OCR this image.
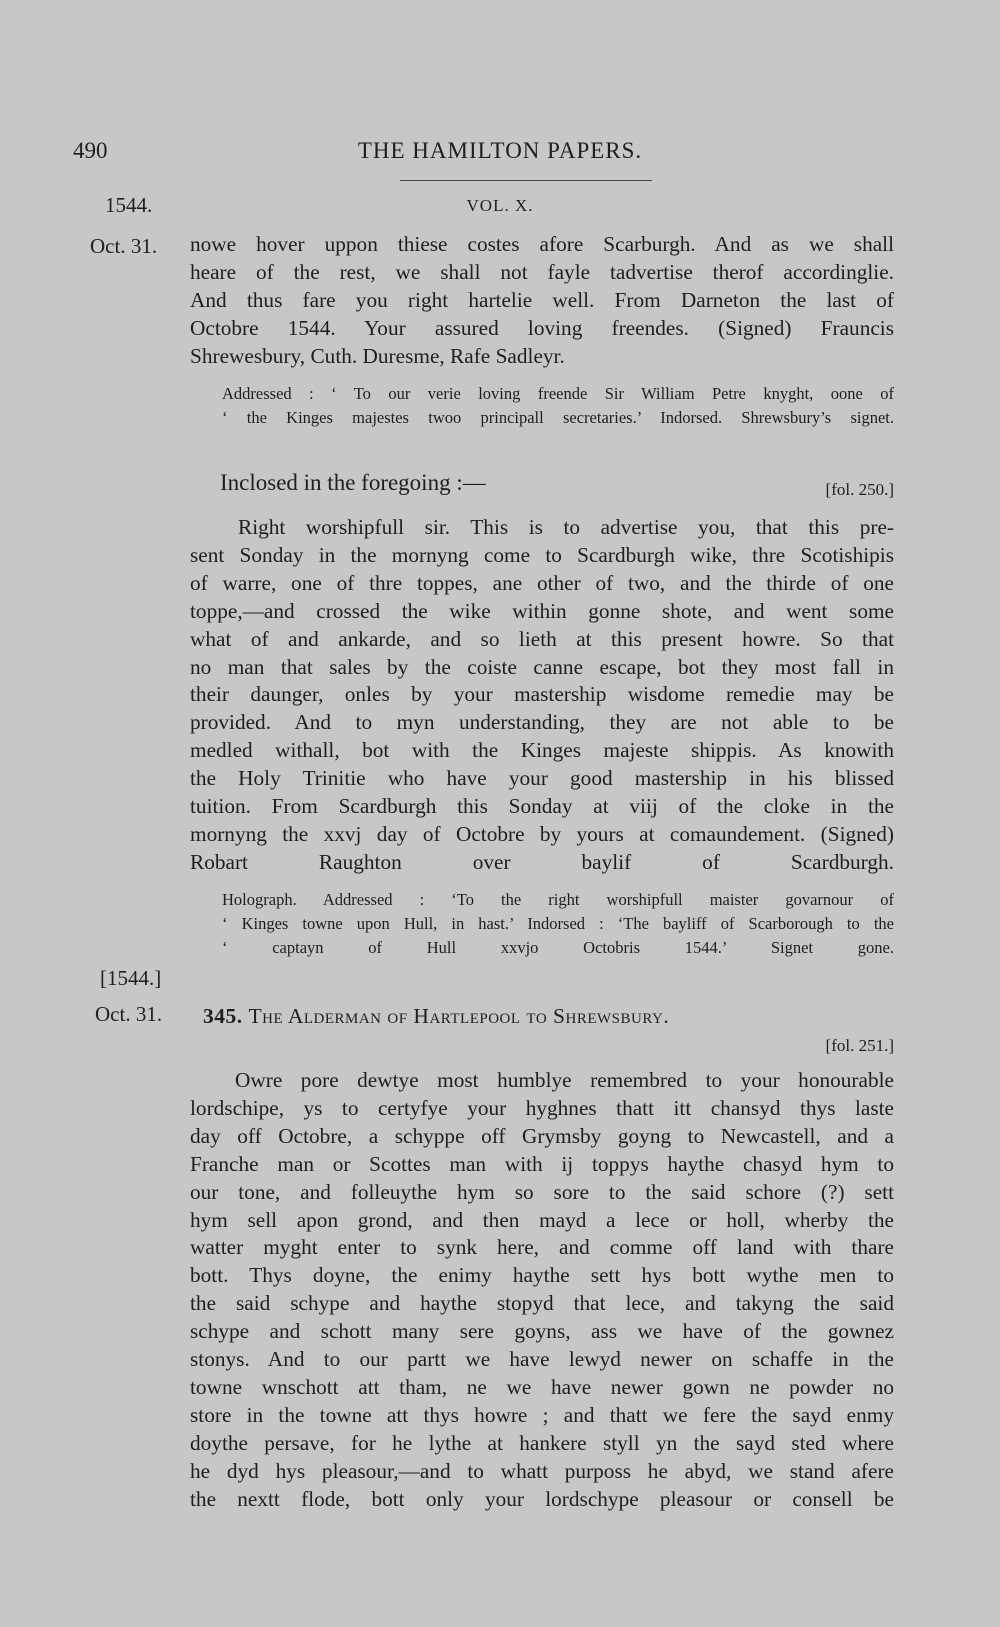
490	THE HAMILTON PAPERS.
1544.	VOL. X.
Oct. 31. nowe hover uppon thiese costes afore Scarburgh. And as we shall
heare of the rest, we shall not fayle tadvertise therof accordinglie.
And thus fare you right hartelie well. From Darneton the last of
Octobre 1544. Your assured loving freendes. (Signed) Frauncis
Shrewesbury, Cuth. Duresme, Rafe Sadleyr.
Addressed : ‘ To our verie loving freende Sir William Petre knyght, oone of
‘ the Kinges majestes twoo principall secretaries.’ Indorsed. Shrewsbury’s signet.
Inclosed in the foregoing :—	[fol. 250.]
Right worshipfull sir. This is to advertise you, that this pre-
sent Sonday in the mornyng come to Scardburgh wike, thre Scotishipis
of warre, one of thre toppes, ane other of two, and the thirde of one
toppe,—and crossed the wike within gonne shote, and went some
what of and ankarde, and so lieth at this present howre. So that
no man that sales by the coiste canne escape, bot they most fall in
their daunger, onles by your mastership wisdome remedie may be
provided. And to myn understanding, they are not able to be
medled withall, bot with the Kinges majeste shippis. As knowith
the Holy Trinitie who have your good mastership in his blissed
tuition. From Scardburgh this Sonday at viij of the cloke in the
mornyng the xxvj day of Octobre by yours at comaundement. (Signed)
Robart Raughton over baylif of Scardburgh.
Holograph. Addressed : ‘To the right worshipfull maister govarnour of
‘ Kinges towne upon Hull, in hast.’ Indorsed : ‘The bayliff of Scarborough to the
‘ captayn of Hull xxvjo Octobris 1544.’ Signet gone.
[1544.]
Oct. 31. 345. The Alderman of Hartlepool to Shrewsbury.
[fol. 251.]
Owre pore dewtye most humblye remembred to your honourable
lordschipe, ys to certyfye your hyghnes thatt itt chansyd thys laste
day off Octobre, a schyppe off Grymsby goyng to Newcastell, and a
Franche man or Scottes man with ij toppys haythe chasyd hym to
our tone, and folleuythe hym so sore to the said schore (?) sett
hym sell apon grond, and then mayd a lece or holl, wherby the
watter myght enter to synk here, and comme off land with thare
bott. Thys doyne, the enimy haythe sett hys bott wythe men to
the said schype and haythe stopyd that lece, and takyng the said
schype and schott many sere goyns, ass we have of the gownez
stonys. And to our partt we have lewyd newer on schaffe in the
towne wnschott att tham, ne we have newer gown ne powder no
store in the towne att thys howre ; and thatt we fere the sayd enmy
doythe persave, for he lythe at hankere styll yn the sayd sted where
he dyd hys pleasour,—and to whatt purposs he abyd, we stand afere
the nextt flode, bott only your lordschype pleasour or consell be
